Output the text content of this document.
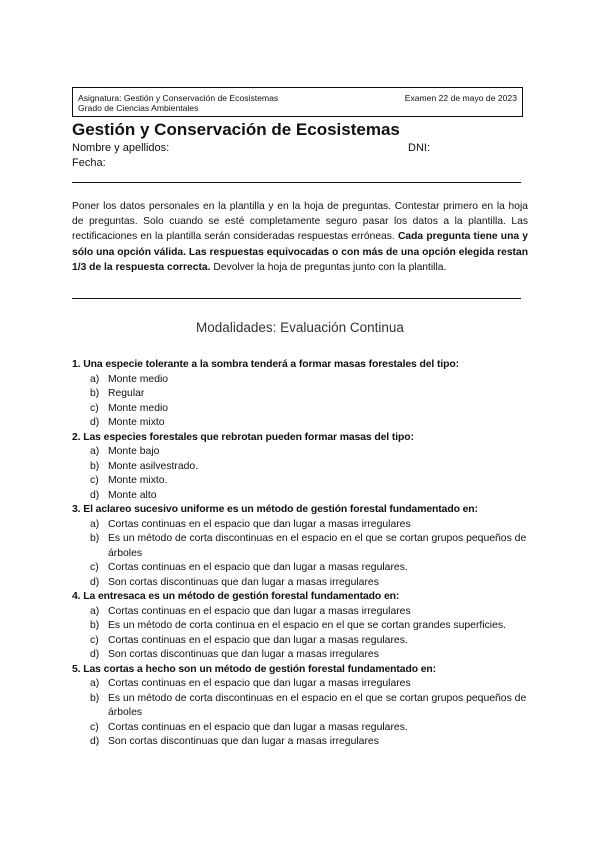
Asignatura: Gestión y Conservación de Ecosistemas
Grado de Ciencias Ambientales
Examen 22 de mayo de 2023
Gestión y Conservación de Ecosistemas
Nombre y apellidos:	DNI:
Fecha:

Poner los datos personales en la plantilla y en la hoja de preguntas. Contestar primero en la hoja de preguntas. Solo cuando se esté completamente seguro pasar los datos a la plantilla. Las rectificaciones en la plantilla serán consideradas respuestas erróneas. Cada pregunta tiene una y sólo una opción válida. Las respuestas equivocadas o con más de una opción elegida restan 1/3 de la respuesta correcta. Devolver la hoja de preguntas junto con la plantilla.

Modalidades: Evaluación Continua
1. Una especie tolerante a la sombra tenderá a formar masas forestales del tipo:
a) Monte medio
b) Regular
c) Monte medio
d) Monte mixto
2. Las especies forestales que rebrotan pueden formar masas del tipo:
a) Monte bajo
b) Monte asilvestrado.
c) Monte mixto.
d) Monte alto
3. El aclareo sucesivo uniforme es un método de gestión forestal fundamentado en:
a) Cortas continuas en el espacio que dan lugar a masas irregulares
b) Es un método de corta discontinuas en el espacio en el que se cortan grupos pequeños de árboles
c) Cortas continuas en el espacio que dan lugar a masas regulares.
d) Son cortas discontinuas que dan lugar a masas irregulares
4. La entresaca es un método de gestión forestal fundamentado en:
a) Cortas continuas en el espacio que dan lugar a masas irregulares
b) Es un método de corta continua en el espacio en el que se cortan grandes superficies.
c) Cortas continuas en el espacio que dan lugar a masas regulares.
d) Son cortas discontinuas que dan lugar a masas irregulares
5. Las cortas a hecho son un método de gestión forestal fundamentado en:
a) Cortas continuas en el espacio que dan lugar a masas irregulares
b) Es un método de corta discontinuas en el espacio en el que se cortan grupos pequeños de árboles
c) Cortas continuas en el espacio que dan lugar a masas regulares.
d) Son cortas discontinuas que dan lugar a masas irregulares
